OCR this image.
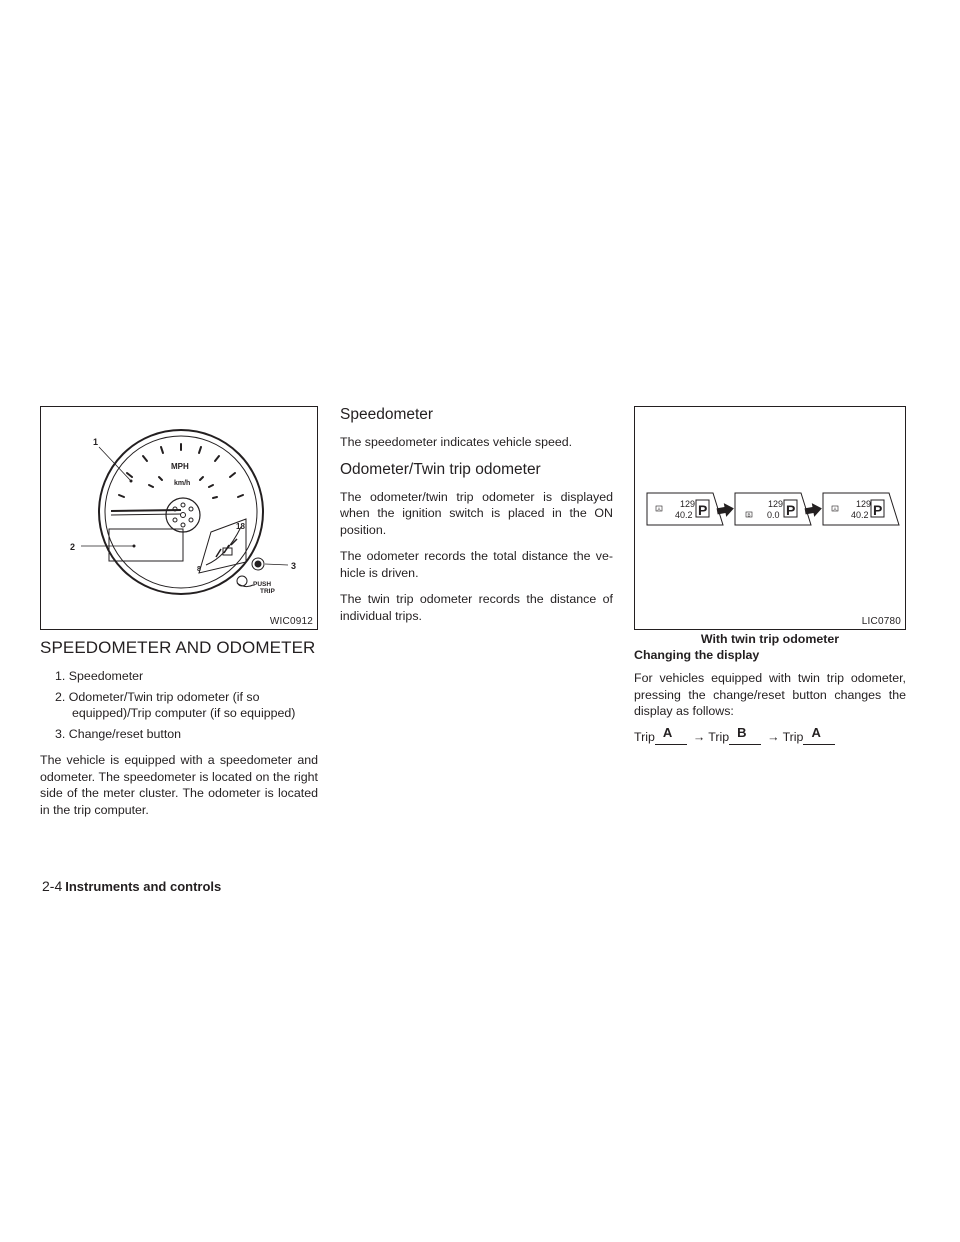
18
8
MPH
km/h
PUSH
TRIP
1
2
3
WIC0912
SPEEDOMETER AND ODOMETER
1. Speedometer
2. Odometer/Twin trip odometer (if so equipped)/Trip computer (if so equipped)
3. Change/reset button

The vehicle is equipped with a speedometer and odometer. The speedometer is located on the right side of the meter cluster. The odometer is located in the trip computer.

Speedometer

The speedometer indicates vehicle speed.

Odometer/Twin trip odometer

The odometer/twin trip odometer is displayed when the ignition switch is placed in the ON position.

The odometer records the total distance the ve-hicle is driven.

The twin trip odometer records the distance of individual trips.

A 129
40.2 P	B
129
0.0 P	A 129
40.2 P
LIC0780
With twin trip odometer
Changing the display

For vehicles equipped with twin trip odometer, pressing the change/reset button changes the display as follows:

Trip A → Trip B → Trip A
2-4 Instruments and controls
